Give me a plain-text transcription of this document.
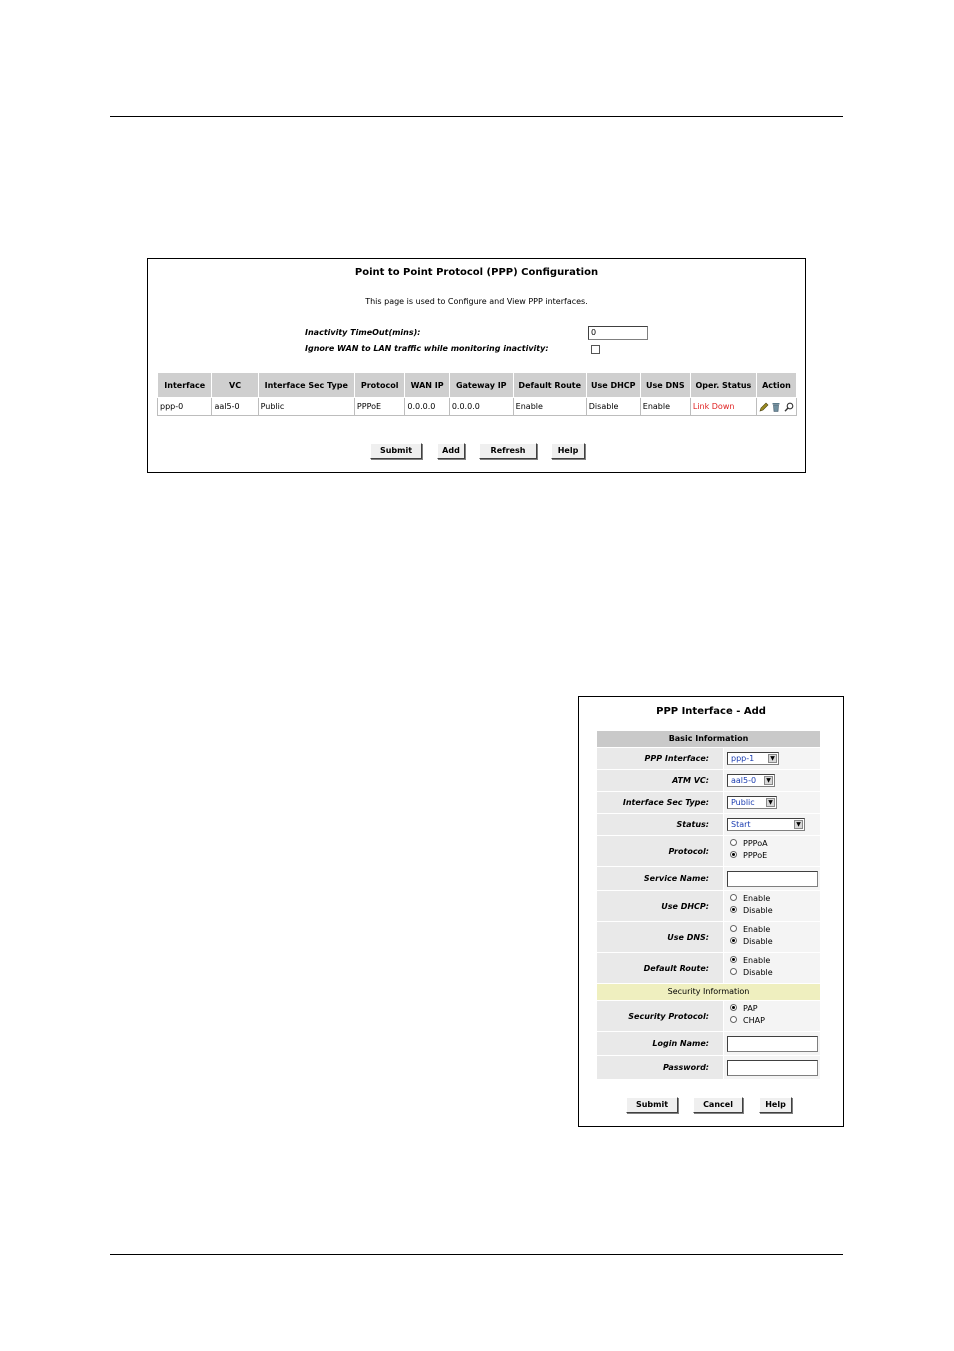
Point to Point Protocol (PPP) Configuration
This page is used to Configure and View PPP interfaces.
Inactivity TimeOut(mins):	0
Ignore WAN to LAN traffic while monitoring inactivity:
Interface	VC	Interface Sec Type	Protocol	WAN IP	Gateway IP	Default Route	Use DHCP	Use DNS	Oper. Status	Action
ppp-0	aal5-0	Public	PPPoE	0.0.0.0	0.0.0.0	Enable	Disable	Enable	Link Down	
Submit	Add	Refresh	Help
PPP Interface - Add
Basic Information
PPP Interface:	ppp-1	▼
ATM VC:	aal5-0	▼
Interface Sec Type:	Public	▼
Status:	Start	▼
Protocol:
PPPoA
PPPoE
Service Name:
Use DHCP:
Enable
Disable
Use DNS:
Enable
Disable
Default Route:
Enable
Disable
Security Information
Security Protocol:
PAP
CHAP
Login Name:
Password:
Submit	Cancel	Help
